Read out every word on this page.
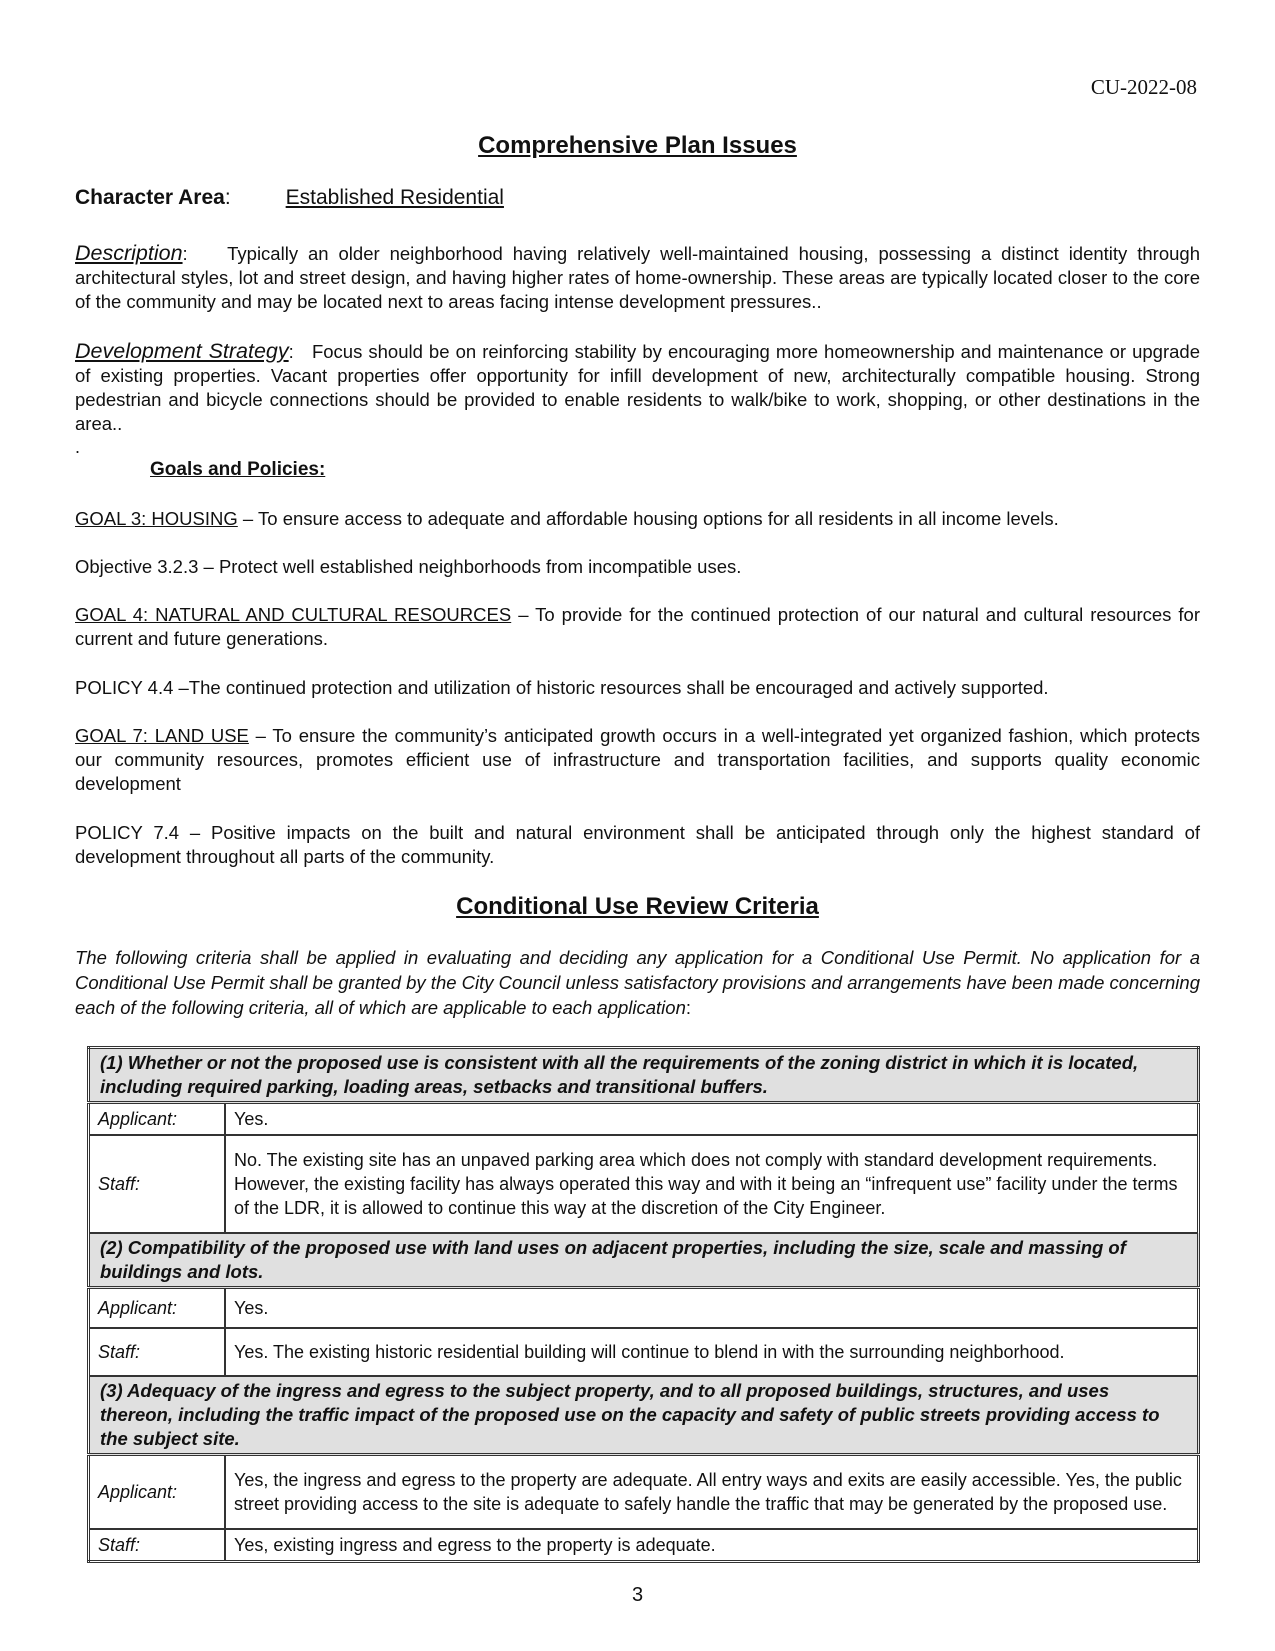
CU-2022-08
Comprehensive Plan Issues
Character Area:	Established Residential
Description:    Typically an older neighborhood having relatively well-maintained housing, possessing a distinct identity through architectural styles, lot and street design, and having higher rates of home-ownership. These areas are typically located closer to the core of the community and may be located next to areas facing intense development pressures..
Development Strategy:   Focus should be on reinforcing stability by encouraging more homeownership and maintenance or upgrade of existing properties. Vacant properties offer opportunity for infill development of new, architecturally compatible housing. Strong pedestrian and bicycle connections should be provided to enable residents to walk/bike to work, shopping, or other destinations in the area..
.
Goals and Policies:
GOAL 3: HOUSING – To ensure access to adequate and affordable housing options for all residents in all income levels.
Objective 3.2.3 – Protect well established neighborhoods from incompatible uses.
GOAL 4: NATURAL AND CULTURAL RESOURCES – To provide for the continued protection of our natural and cultural resources for current and future generations.
POLICY 4.4 –The continued protection and utilization of historic resources shall be encouraged and actively supported.
GOAL 7: LAND USE – To ensure the community’s anticipated growth occurs in a well-integrated yet organized fashion, which protects our community resources, promotes efficient use of infrastructure and transportation facilities, and supports quality economic development
POLICY 7.4 – Positive impacts on the built and natural environment shall be anticipated through only the highest standard of development throughout all parts of the community.
Conditional Use Review Criteria
The following criteria shall be applied in evaluating and deciding any application for a Conditional Use Permit. No application for a Conditional Use Permit shall be granted by the City Council unless satisfactory provisions and arrangements have been made concerning each of the following criteria, all of which are applicable to each application:
(1) Whether or not the proposed use is consistent with all the requirements of the zoning district in which it is located, including required parking, loading areas, setbacks and transitional buffers.	
Applicant:	Yes.
Staff:	No. The existing site has an unpaved parking area which does not comply with standard development requirements. However, the existing facility has always operated this way and with it being an “infrequent use” facility under the terms of the LDR, it is allowed to continue this way at the discretion of the City Engineer.
(2) Compatibility of the proposed use with land uses on adjacent properties, including the size, scale and massing of buildings and lots.	
Applicant:	Yes.
Staff:	Yes. The existing historic residential building will continue to blend in with the surrounding neighborhood.
(3) Adequacy of the ingress and egress to the subject property, and to all proposed buildings, structures, and uses thereon, including the traffic impact of the proposed use on the capacity and safety of public streets providing access to the subject site.	
Applicant:	Yes, the ingress and egress to the property are adequate. All entry ways and exits are easily accessible. Yes, the public street providing access to the site is adequate to safely handle the traffic that may be generated by the proposed use.
Staff:	Yes, existing ingress and egress to the property is adequate.
3
